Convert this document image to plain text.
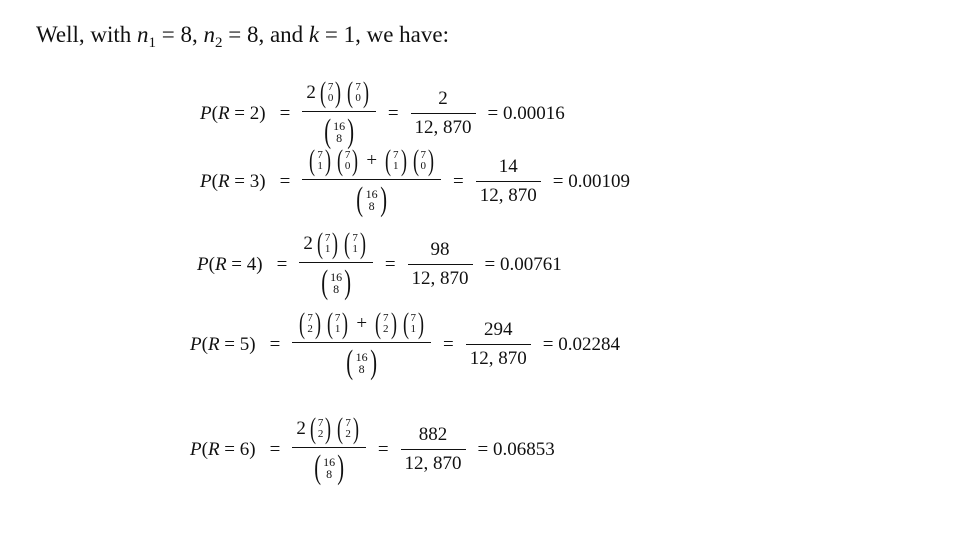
Well, with $n_1 = 8$, $n_2 = 8$, and k = 1, we have:
P(R = 2) = 2 ( 7
0 ) ( 7
0 )
( 16
8 ) = $\frac{2}{12, 870} = 0.00016$
P(R = 3) = ( 7
1 ) ( 7
0 ) + ( 7
1 ) ( 7
0 )
( 16
8 ) = $\frac{14}{12, 870} = 0.00109$
P(R = 4) = 2 ( 7
1 ) ( 7
1 )
( 16
8 ) = $\frac{98}{12, 870} = 0.00761$
P(R = 5) = ( 7
2 ) ( 7
1 ) + ( 7
2 ) ( 7
1 )
( 16
8 ) = $\frac{294}{12, 870} = 0.02284$
P(R = 6) = 2 ( 7
2 ) ( 7
2 )
( 16
8 ) = $\frac{882}{12, 870} = 0.06853$
